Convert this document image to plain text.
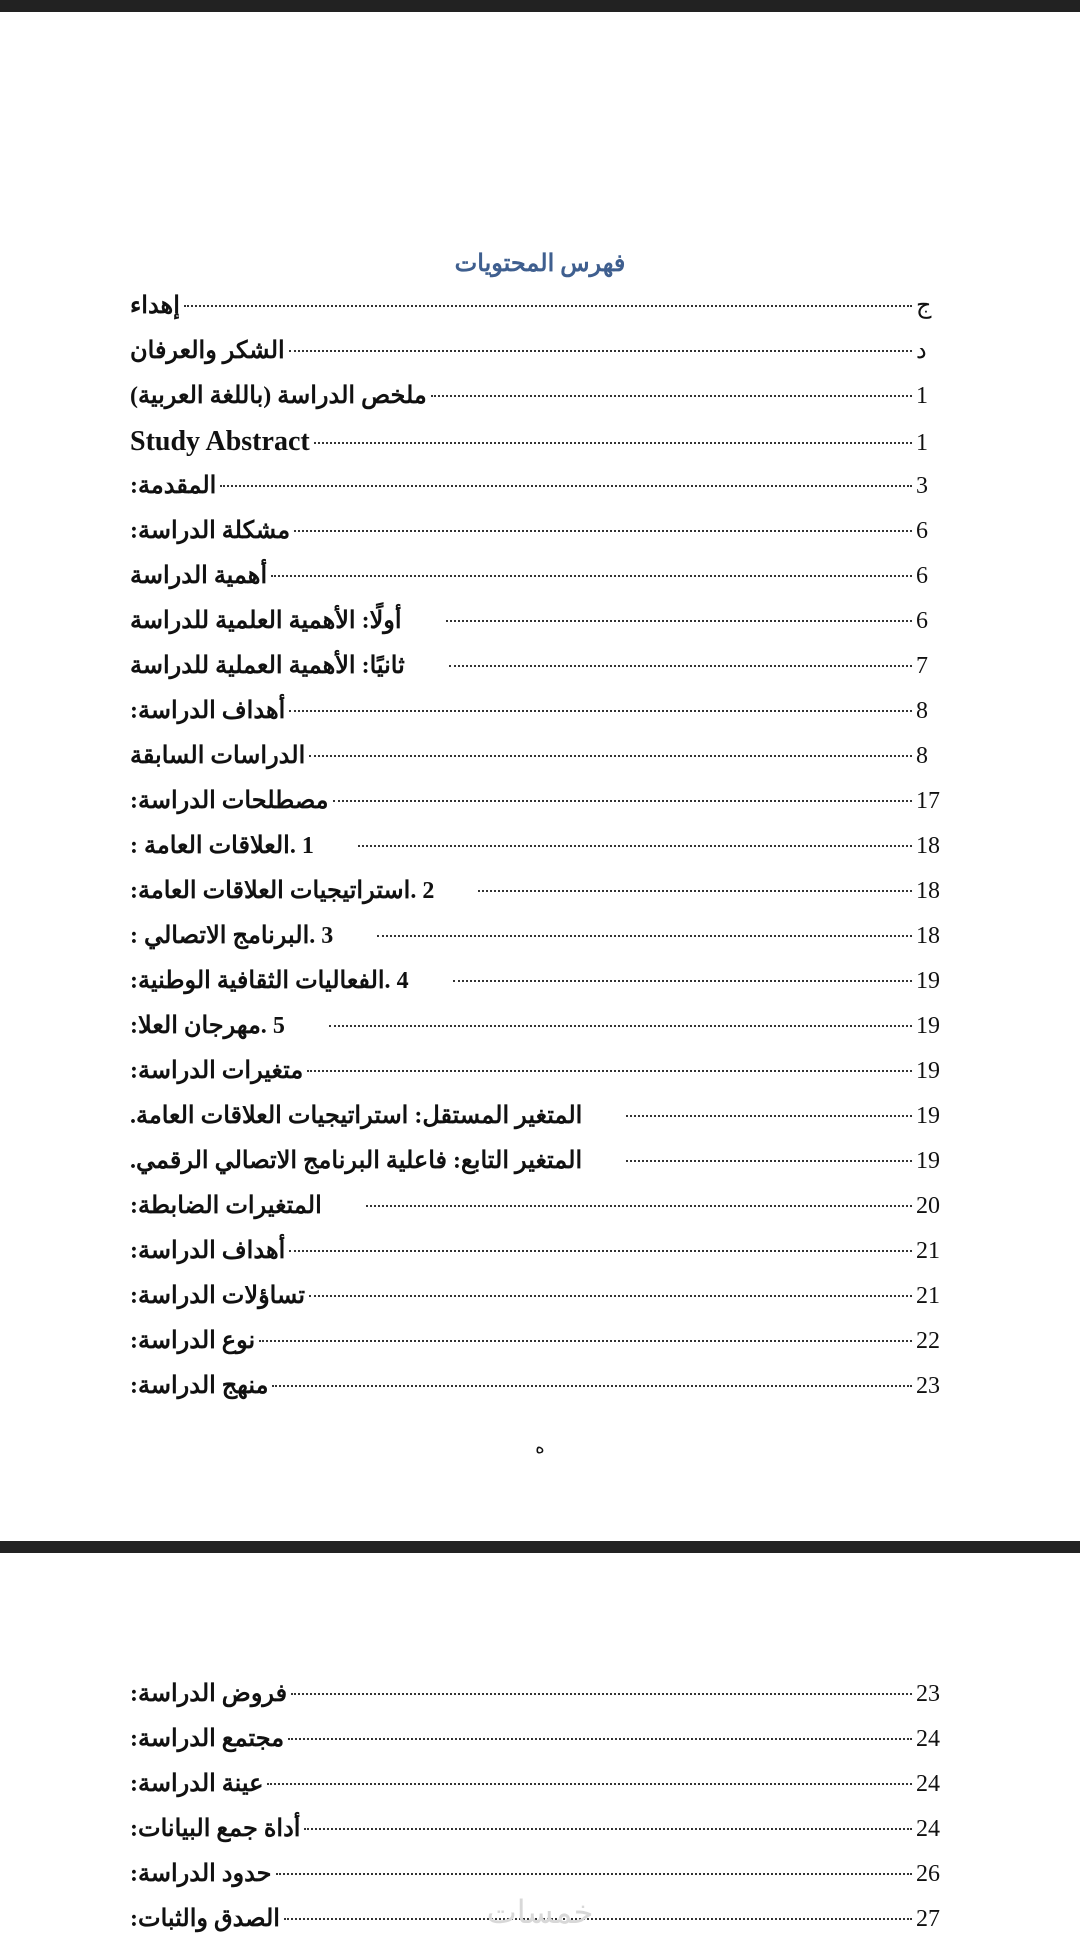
فهرس المحتويات
إهداء	ج
الشكر والعرفان	د
ملخص الدراسة (باللغة العربية)	1
Study Abstract	1
المقدمة:	3
مشكلة الدراسة:	6
أهمية الدراسة	6
أولًا: الأهمية العلمية للدراسة	6
ثانيًا: الأهمية العملية للدراسة	7
أهداف الدراسة:	8
الدراسات السابقة	8
مصطلحات الدراسة:	17
1 .العلاقات العامة :	18
2 .استراتيجيات العلاقات العامة:	18
3 .البرنامج الاتصالي :	18
4 .الفعاليات الثقافية الوطنية:	19
5 .مهرجان العلا:	19
متغيرات الدراسة:	19
المتغير المستقل: استراتيجيات العلاقات العامة.	19
المتغير التابع: فاعلية البرنامج الاتصالي الرقمي.	19
المتغيرات الضابطة:	20
أهداف الدراسة:	21
تساؤلات الدراسة:	21
نوع الدراسة:	22
منهج الدراسة:	23
ه
فروض الدراسة:	23
مجتمع الدراسة:	24
عينة الدراسة:	24
أداة جمع البيانات:	24
حدود الدراسة:	26
الصدق والثبات:	27
خمسات
